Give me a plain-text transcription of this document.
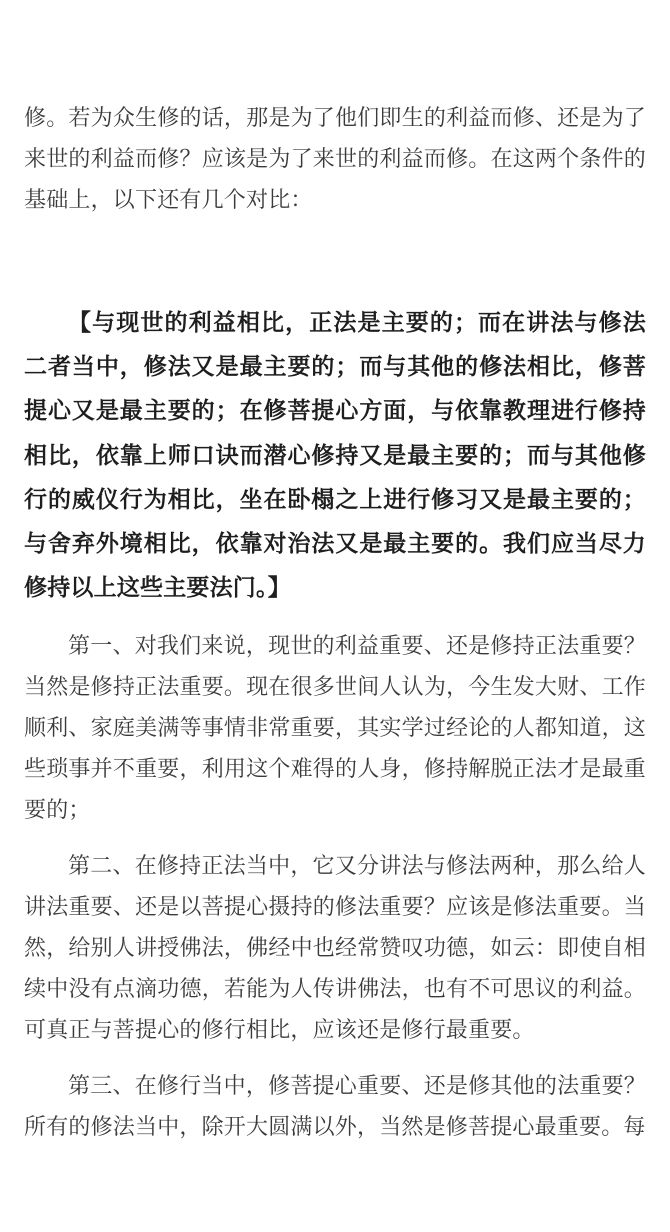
修。若为众生修的话，那是为了他们即生的利益而修、还是为了来世的利益而修？应该是为了来世的利益而修。在这两个条件的基础上，以下还有几个对比：

【与现世的利益相比，正法是主要的；而在讲法与修法二者当中，修法又是最主要的；而与其他的修法相比，修菩提心又是最主要的；在修菩提心方面，与依靠教理进行修持相比，依靠上师口诀而潜心修持又是最主要的；而与其他修行的威仪行为相比，坐在卧榻之上进行修习又是最主要的；与舍弃外境相比，依靠对治法又是最主要的。我们应当尽力修持以上这些主要法门。】

第一、对我们来说，现世的利益重要、还是修持正法重要？当然是修持正法重要。现在很多世间人认为，今生发大财、工作顺利、家庭美满等事情非常重要，其实学过经论的人都知道，这些琐事并不重要，利用这个难得的人身，修持解脱正法才是最重要的；

第二、在修持正法当中，它又分讲法与修法两种，那么给人讲法重要、还是以菩提心摄持的修法重要？应该是修法重要。当然，给别人讲授佛法，佛经中也经常赞叹功德，如云：即使自相续中没有点滴功德，若能为人传讲佛法，也有不可思议的利益。可真正与菩提心的修行相比，应该还是修行最重要。

第三、在修行当中，修菩提心重要、还是修其他的法重要？所有的修法当中，除开大圆满以外，当然是修菩提心最重要。每
